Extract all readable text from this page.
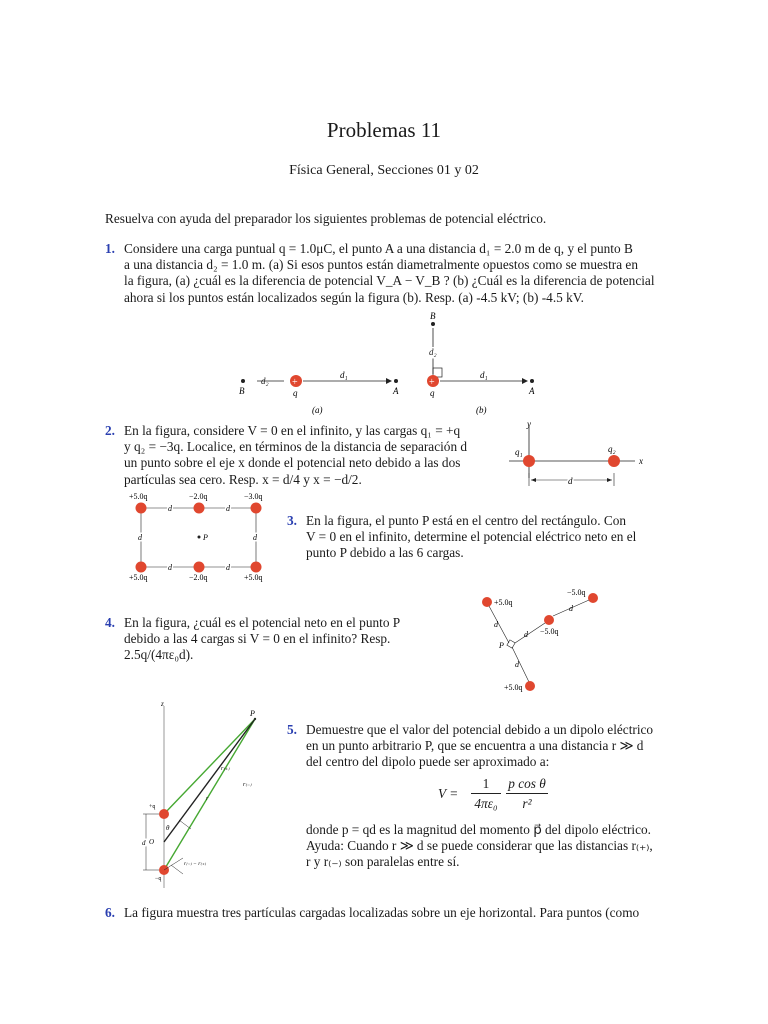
Problemas 11
Física General, Secciones 01 y 02
Resuelva con ayuda del preparador los siguientes problemas de potencial eléctrico.
1. Considere una carga puntual q = 1.0μC, el punto A a una distancia d₁ = 2.0 m de q, y el punto B
a una distancia d₂ = 1.0 m. (a) Si esos puntos están diametralmente opuestos como se muestra en
la figura, (a) ¿cuál es la diferencia de potencial V_A − V_B ? (b) ¿Cuál es la diferencia de potencial
ahora si los puntos están localizados según la figura (b). Resp. (a) -4.5 kV; (b) -4.5 kV.
B
d₂ +
q
d₁
A
(a)
B
d₂
+
q
d₁
A
(b)
2. En la figura, considere V = 0 en el infinito, y las cargas q₁ = +q
y q₂ = −3q. Localice, en términos de la distancia de separación d
un punto sobre el eje x donde el potencial neto debido a las dos
partículas sea cero. Resp. x = d/4 y x = −d/2.
y
x
q₁	q₂
d
+5.0q	−2.0q	−3.0q
d	d
d	d
d	d
P
+5.0q	−2.0q	+5.0q
3. En la figura, el punto P está en el centro del rectángulo. Con
V = 0 en el infinito, determine el potencial eléctrico neto en el
punto P debido a las 6 cargas.
4. En la figura, ¿cuál es el potencial neto en el punto P
debido a las 4 cargas si V = 0 en el infinito? Resp.
2.5q/(4πε₀d).
+5.0q
d
−5.0q
d
−5.0q
d
P
d
+5.0q
z
P
r₍₊₎
r₍₋₎
r
+q
−q
θ
O
d
r₍₋₎ − r₍₊₎
5. Demuestre que el valor del potencial debido a un dipolo eléctrico
en un punto arbitrario P, que se encuentra a una distancia r ≫ d
del centro del dipolo puede ser aproximado a:
V =
1
4πε₀
p cos θ
r²
donde p = qd es la magnitud del momento p⃗ del dipolo eléctrico.
Ayuda: Cuando r ≫ d se puede considerar que las distancias r₍₊₎,
r y r₍₋₎ son paralelas entre sí.
6. La figura muestra tres partículas cargadas localizadas sobre un eje horizontal. Para puntos (como
